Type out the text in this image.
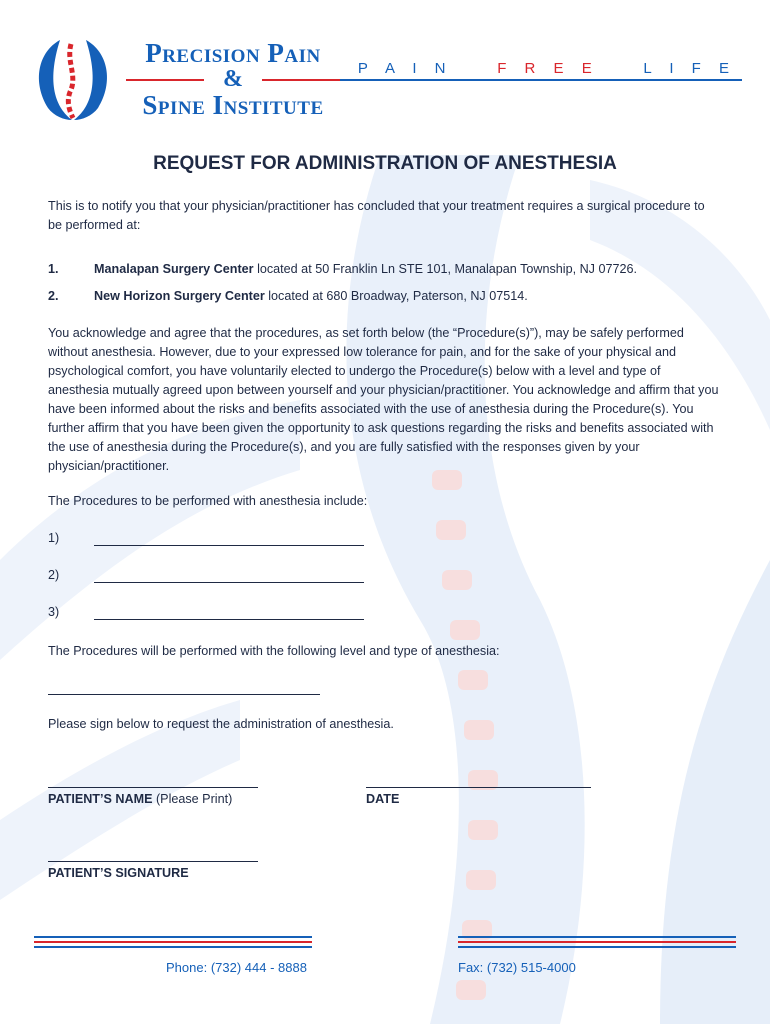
Precision Pain
&
Spine Institute
P A I N	F R E E	L I F E
REQUEST FOR ADMINISTRATION OF ANESTHESIA
This is to notify you that your physician/practitioner has concluded that your treatment requires a surgical procedure to be performed at:
1.	Manalapan Surgery Center located at 50 Franklin Ln STE 101, Manalapan Township, NJ 07726.
2.	New Horizon Surgery Center located at 680 Broadway, Paterson, NJ 07514.
You acknowledge and agree that the procedures, as set forth below (the “Procedure(s)”), may be safely performed without anesthesia. However, due to your expressed low tolerance for pain, and for the sake of your physical and psychological comfort, you have voluntarily elected to undergo the Procedure(s) below with a level and type of anesthesia mutually agreed upon between yourself and your physician/practitioner. You acknowledge and affirm that you have been informed about the risks and benefits associated with the use of anesthesia during the Procedure(s). You further affirm that you have been given the opportunity to ask questions regarding the risks and benefits associated with the use of anesthesia during the Procedure(s), and you are fully satisfied with the responses given by your physician/practitioner.
The Procedures to be performed with anesthesia include:
1)
2)
3)
The Procedures will be performed with the following level and type of anesthesia:
Please sign below to request the administration of anesthesia.
PATIENT’S NAME (Please Print)	DATE
PATIENT’S SIGNATURE
Phone: (732) 444 - 8888	Fax: (732) 515-4000
